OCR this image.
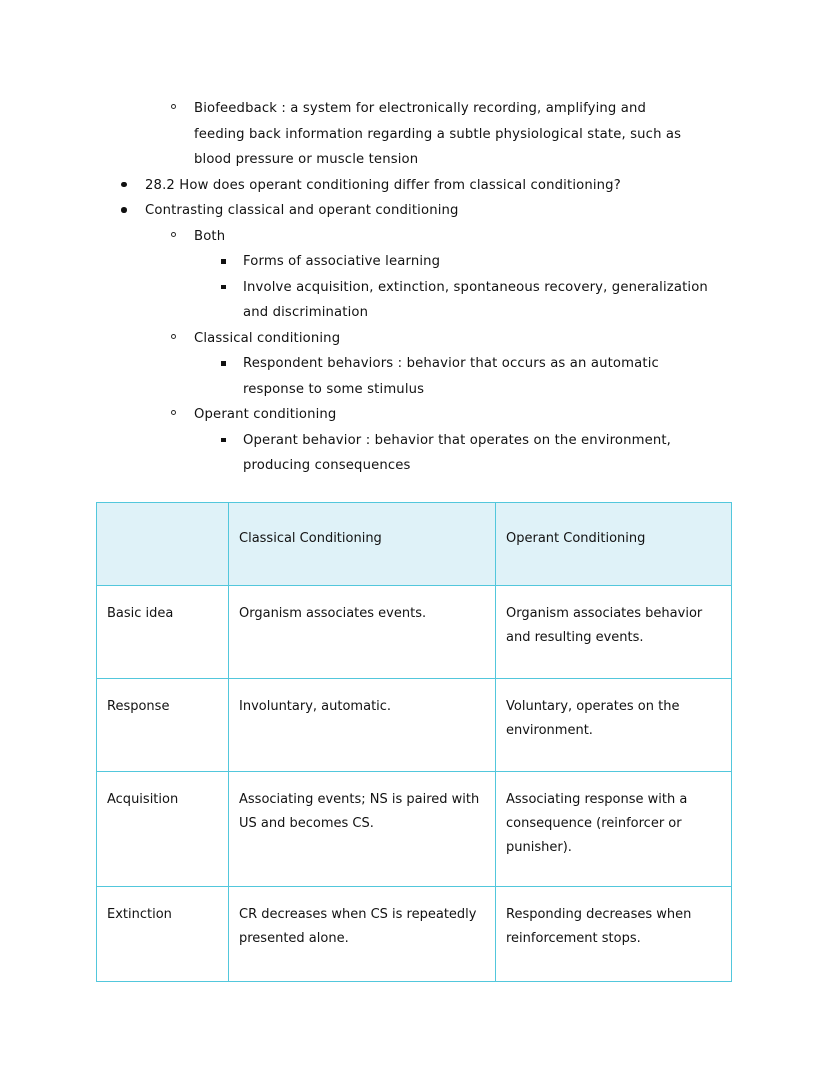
Biofeedback : a system for electronically recording, amplifying and feeding back information regarding a subtle physiological state, such as blood pressure or muscle tension
28.2 How does operant conditioning differ from classical conditioning?
Contrasting classical and operant conditioning
Both
Forms of associative learning
Involve acquisition, extinction, spontaneous recovery, generalization and discrimination
Classical conditioning
Respondent behaviors : behavior that occurs as an automatic response to some stimulus
Operant conditioning
Operant behavior : behavior that operates on the environment, producing consequences
	Classical Conditioning	Operant Conditioning
Basic idea	Organism associates events.	Organism associates behavior and resulting events.
Response	Involuntary, automatic.	Voluntary, operates on the environment.
Acquisition	Associating events; NS is paired with US and becomes CS.	Associating response with a consequence (reinforcer or punisher).
Extinction	CR decreases when CS is repeatedly presented alone.	Responding decreases when reinforcement stops.
